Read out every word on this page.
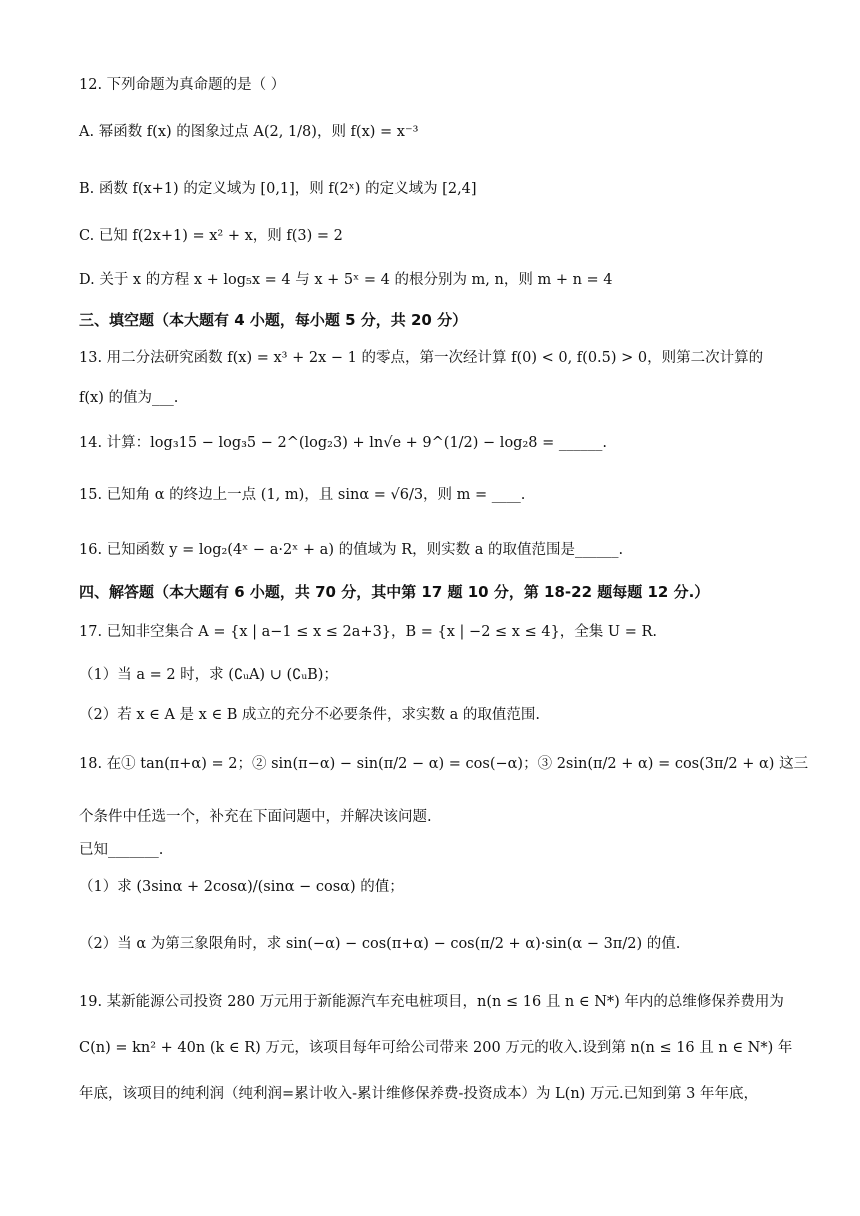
12. 下列命题为真命题的是（ ）
A. 幂函数 f(x) 的图象过点 A(2, 1/8)，则 f(x) = x⁻³
B. 函数 f(x+1) 的定义域为 [0,1]，则 f(2ˣ) 的定义域为 [2,4]
C. 已知 f(2x+1) = x² + x，则 f(3) = 2
D. 关于 x 的方程 x + log₅x = 4 与 x + 5ˣ = 4 的根分别为 m, n，则 m + n = 4
三、填空题（本大题有 4 小题，每小题 5 分，共 20 分）
13. 用二分法研究函数 f(x) = x³ + 2x − 1 的零点，第一次经计算 f(0) < 0, f(0.5) > 0，则第二次计算的
f(x) 的值为___.
14. 计算：log₃15 − log₃5 − 2^(log₂3) + ln√e + 9^(1/2) − log₂8 = ______.
15. 已知角 α 的终边上一点 (1, m)，且 sinα = √6/3，则 m = ____.
16. 已知函数 y = log₂(4ˣ − a·2ˣ + a) 的值域为 R，则实数 a 的取值范围是______.
四、解答题（本大题有 6 小题，共 70 分，其中第 17 题 10 分，第 18-22 题每题 12 分.）
17. 已知非空集合 A = {x | a−1 ≤ x ≤ 2a+3}，B = {x | −2 ≤ x ≤ 4}，全集 U = R.
（1）当 a = 2 时，求 (∁ᵤA) ∪ (∁ᵤB)；
（2）若 x ∈ A 是 x ∈ B 成立的充分不必要条件，求实数 a 的取值范围.
18. 在① tan(π+α) = 2；② sin(π−α) − sin(π/2 − α) = cos(−α)；③ 2sin(π/2 + α) = cos(3π/2 + α) 这三
个条件中任选一个，补充在下面问题中，并解决该问题.
已知_______.
（1）求 (3sinα + 2cosα)/(sinα − cosα) 的值；
（2）当 α 为第三象限角时，求 sin(−α) − cos(π+α) − cos(π/2 + α)·sin(α − 3π/2) 的值.
19. 某新能源公司投资 280 万元用于新能源汽车充电桩项目，n(n ≤ 16 且 n ∈ N*) 年内的总维修保养费用为
C(n) = kn² + 40n (k ∈ R) 万元，该项目每年可给公司带来 200 万元的收入.设到第 n(n ≤ 16 且 n ∈ N*) 年
年底，该项目的纯利润（纯利润=累计收入-累计维修保养费-投资成本）为 L(n) 万元.已知到第 3 年年底，
